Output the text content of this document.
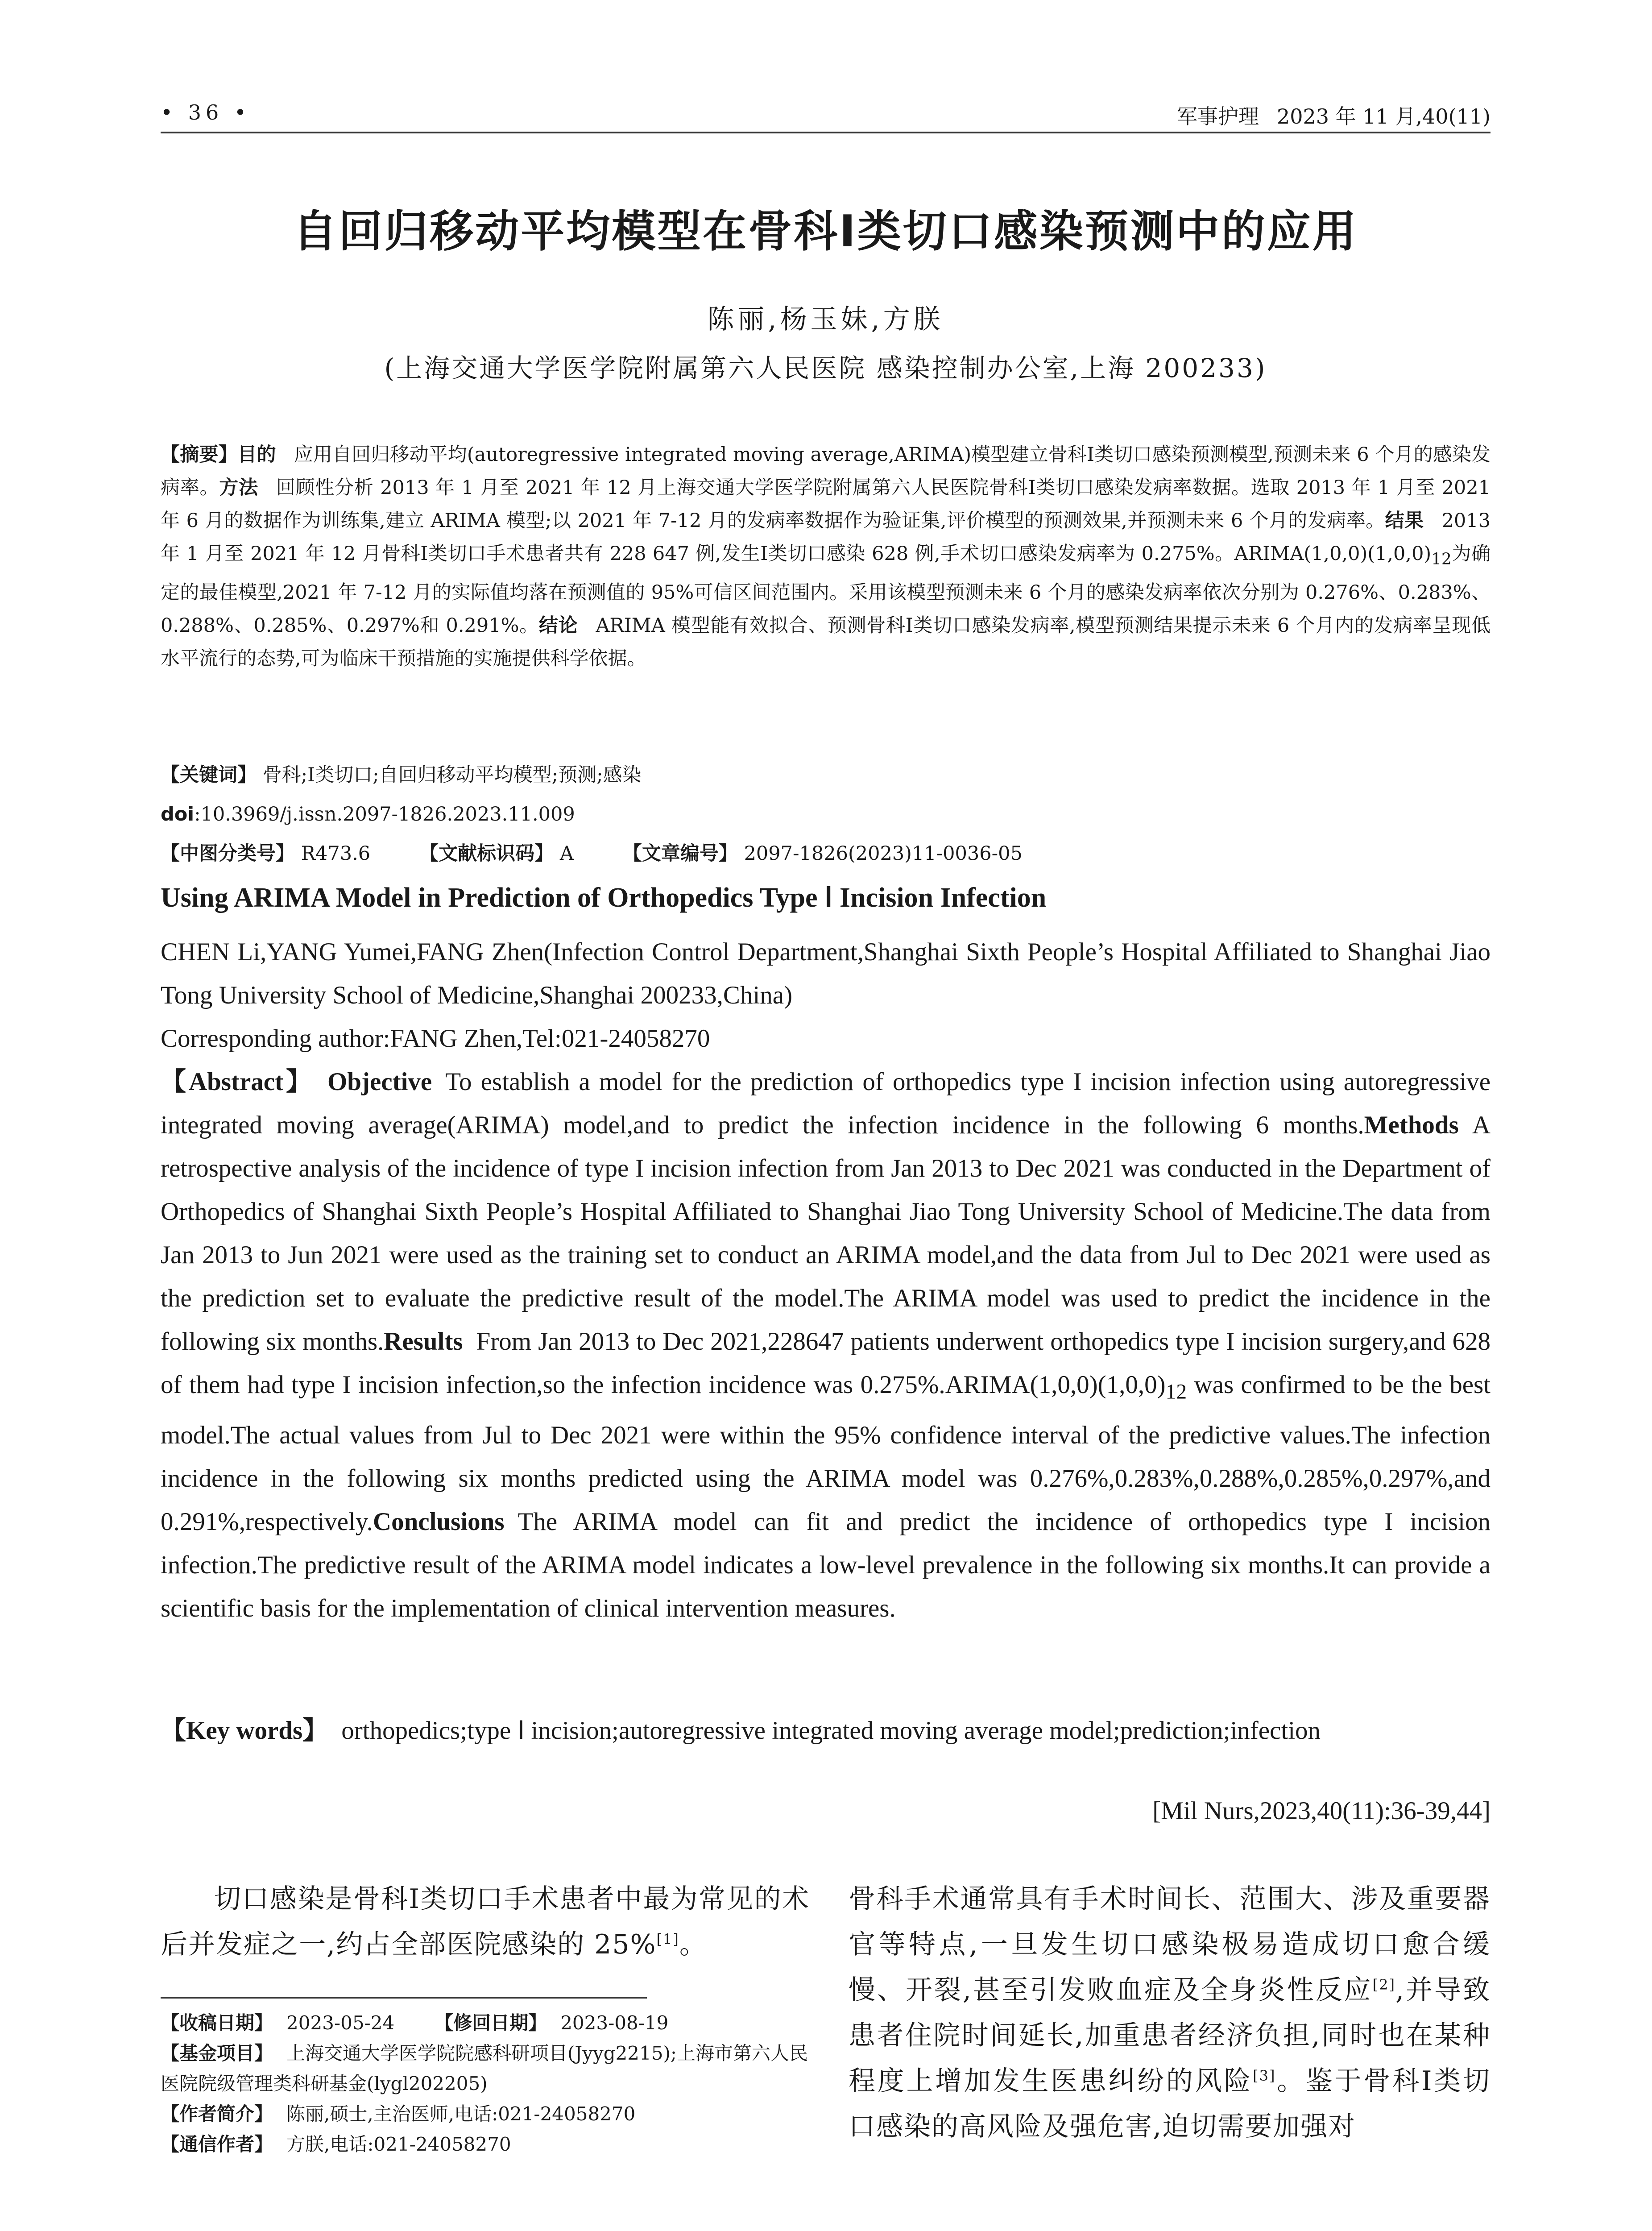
• 36 •	军事护理 2023 年 11 月,40(11)
自回归移动平均模型在骨科Ⅰ类切口感染预测中的应用
陈丽,杨玉妹,方朕
(上海交通大学医学院附属第六人民医院 感染控制办公室,上海 200233)
【摘要】目的 应用自回归移动平均(autoregressive integrated moving average,ARIMA)模型建立骨科Ⅰ类切口感染预测模型,预测未来 6 个月的感染发病率。方法 回顾性分析 2013 年 1 月至 2021 年 12 月上海交通大学医学院附属第六人民医院骨科Ⅰ类切口感染发病率数据。选取 2013 年 1 月至 2021 年 6 月的数据作为训练集,建立 ARIMA 模型;以 2021 年 7-12 月的发病率数据作为验证集,评价模型的预测效果,并预测未来 6 个月的发病率。结果 2013 年 1 月至 2021 年 12 月骨科Ⅰ类切口手术患者共有 228 647 例,发生Ⅰ类切口感染 628 例,手术切口感染发病率为 0.275%。$ARIMA(1,0,0)(1,0,0)_{12}$为确定的最佳模型,2021 年 7-12 月的实际值均落在预测值的 95%可信区间范围内。采用该模型预测未来 6 个月的感染发病率依次分别为 0.276%、0.283%、0.288%、0.285%、0.297%和 0.291%。结论 ARIMA 模型能有效拟合、预测骨科Ⅰ类切口感染发病率,模型预测结果提示未来 6 个月内的发病率呈现低水平流行的态势,可为临床干预措施的实施提供科学依据。
【关键词】 骨科;Ⅰ类切口;自回归移动平均模型;预测;感染
doi:10.3969/j.issn.2097-1826.2023.11.009
【中图分类号】 R473.6	【文献标识码】 A	【文章编号】 2097-1826(2023)11-0036-05
Using ARIMA Model in Prediction of Orthopedics Type Ⅰ Incision Infection
CHEN Li,YANG Yumei,FANG Zhen(Infection Control Department,Shanghai Sixth People’s Hospital Affiliated to Shanghai Jiao Tong University School of Medicine,Shanghai 200233,China)
Corresponding author:FANG Zhen,Tel:021-24058270
【Abstract】 Objective To establish a model for the prediction of orthopedics type I incision infection using autoregressive integrated moving average(ARIMA) model,and to predict the infection incidence in the following 6 months.Methods A retrospective analysis of the incidence of type I incision infection from Jan 2013 to Dec 2021 was conducted in the Department of Orthopedics of Shanghai Sixth People’s Hospital Affiliated to Shanghai Jiao Tong University School of Medicine.The data from Jan 2013 to Jun 2021 were used as the training set to conduct an ARIMA model,and the data from Jul to Dec 2021 were used as the prediction set to evaluate the predictive result of the model.The ARIMA model was used to predict the incidence in the following six months.Results From Jan 2013 to Dec 2021,228647 patients underwent orthopedics type I incision surgery,and 628 of them had type I incision infection,so the infection incidence was $0.275\%.ARIMA(1,0,0)(1,0,0)_{12}$ was confirmed to be the best model.The actual values from Jul to Dec 2021 were within the 95% confidence interval of the predictive values.The infection incidence in the following six months predicted using the ARIMA model was 0.276%,0.283%,0.288%,0.285%,0.297%,and 0.291%,respectively.Conclusions The ARIMA model can fit and predict the incidence of orthopedics type I incision infection.The predictive result of the ARIMA model indicates a low-level prevalence in the following six months.It can provide a scientific basis for the implementation of clinical intervention measures.
【Key words】 orthopedics;type Ⅰ incision;autoregressive integrated moving average model;prediction;infection
[Mil Nurs,2023,40(11):36-39,44]
切口感染是骨科Ⅰ类切口手术患者中最为常见的术后并发症之一,约占全部医院感染的 25%[1]。
【收稿日期】 2023-05-24 【修回日期】 2023-08-19
【基金项目】 上海交通大学医学院院感科研项目(Jyyg2215);上海市第六人民医院院级管理类科研基金(lygl202205)
【作者简介】 陈丽,硕士,主治医师,电话:021-24058270
【通信作者】 方朕,电话:021-24058270
骨科手术通常具有手术时间长、范围大、涉及重要器官等特点,一旦发生切口感染极易造成切口愈合缓慢、开裂,甚至引发败血症及全身炎性反应[2],并导致患者住院时间延长,加重患者经济负担,同时也在某种程度上增加发生医患纠纷的风险[3]。鉴于骨科Ⅰ类切口感染的高风险及强危害,迫切需要加强对
